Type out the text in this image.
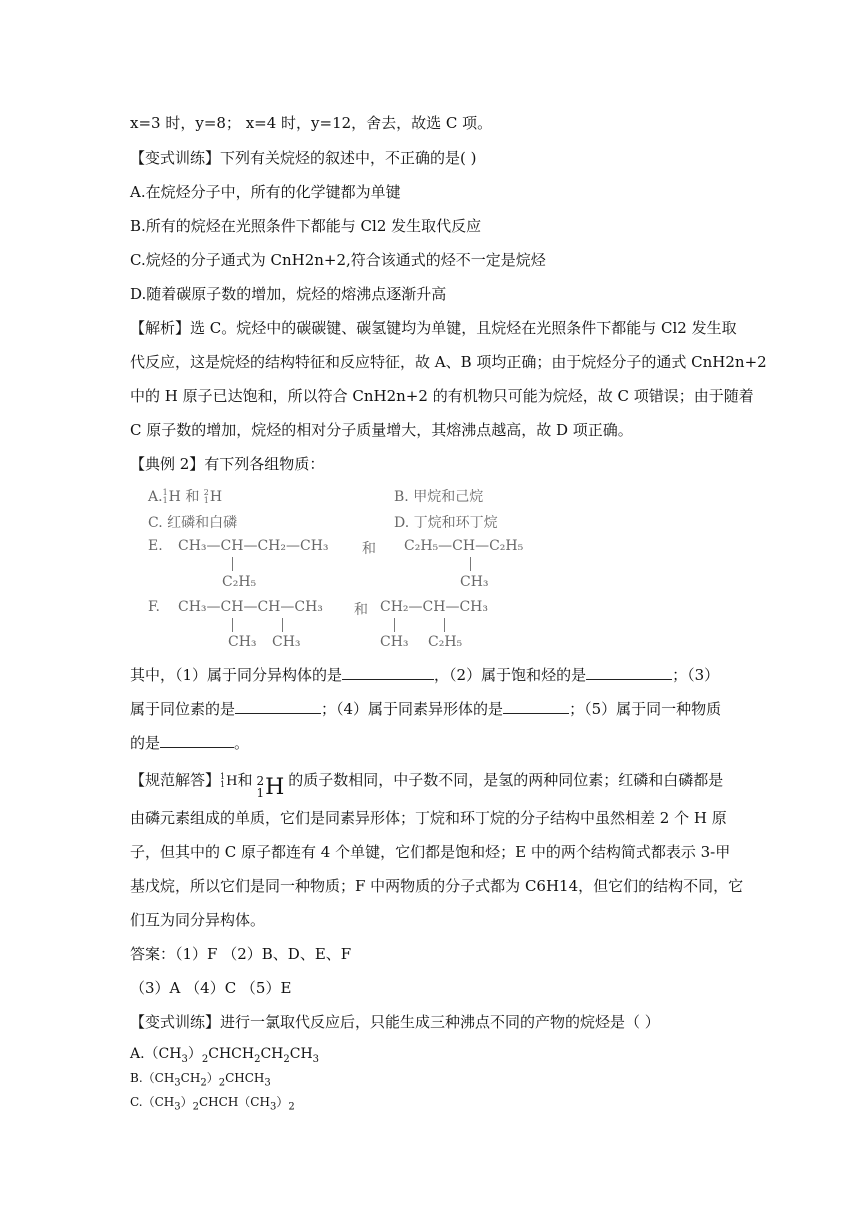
x=3 时，y=8； x=4 时，y=12，舍去，故选 C 项。
【变式训练】下列有关烷烃的叙述中，不正确的是( )
A.在烷烃分子中，所有的化学键都为单键
B.所有的烷烃在光照条件下都能与 Cl2 发生取代反应
C.烷烃的分子通式为 CnH2n+2,符合该通式的烃不一定是烷烃
D.随着碳原子数的增加，烷烃的熔沸点逐渐升高
【解析】选 C。烷烃中的碳碳键、碳氢键均为单键，且烷烃在光照条件下都能与 Cl2 发生取
代反应，这是烷烃的结构特征和反应特征，故 A、B 项均正确；由于烷烃分子的通式 CnH2n+2
中的 H 原子已达饱和，所以符合 CnH2n+2 的有机物只可能为烷烃，故 C 项错误；由于随着
C 原子数的增加，烷烃的相对分子质量增大，其熔沸点越高，故 D 项正确。
【典例 2】有下列各组物质：
A. 1
1 H 和 2
1 H	B. 甲烷和己烷
C. 红磷和白磷	D. 丁烷和环丁烷
E. CH₃—CH—CH₂—CH₃ 和 C₂H₅—CH—C₂H₅
C₂H₅	CH₃
F. CH₃—CH—CH—CH₃ 和 CH₂—CH—CH₃
CH₃ CH₃	CH₃ C₂H₅
其中，（1）属于同分异构体的是	，（2）属于饱和烃的是	；（3）
属于同位素的是	；（4）属于同素异形体的是	；（5）属于同一种物质
的是	。
【规范解答】 1
1 H和 2
1 H 的质子数相同，中子数不同，是氢的两种同位素；红磷和白磷都是
由磷元素组成的单质，它们是同素异形体；丁烷和环丁烷的分子结构中虽然相差 2 个 H 原
子，但其中的 C 原子都连有 4 个单键，它们都是饱和烃；E 中的两个结构简式都表示 3-甲
基戊烷，所以它们是同一种物质；F 中两物质的分子式都为 C6H14，但它们的结构不同，它
们互为同分异构体。
答案：（1）F （2）B、D、E、F
（3）A （4）C （5）E
【变式训练】进行一氯取代反应后，只能生成三种沸点不同的产物的烷烃是（ ）
$A.(CH_3)_2CHCH_2CH_2CH_3$
$B.(CH_3CH_2)_2CHCH_3$
$C.(CH_3)_2CHCH(CH_3)_2$
